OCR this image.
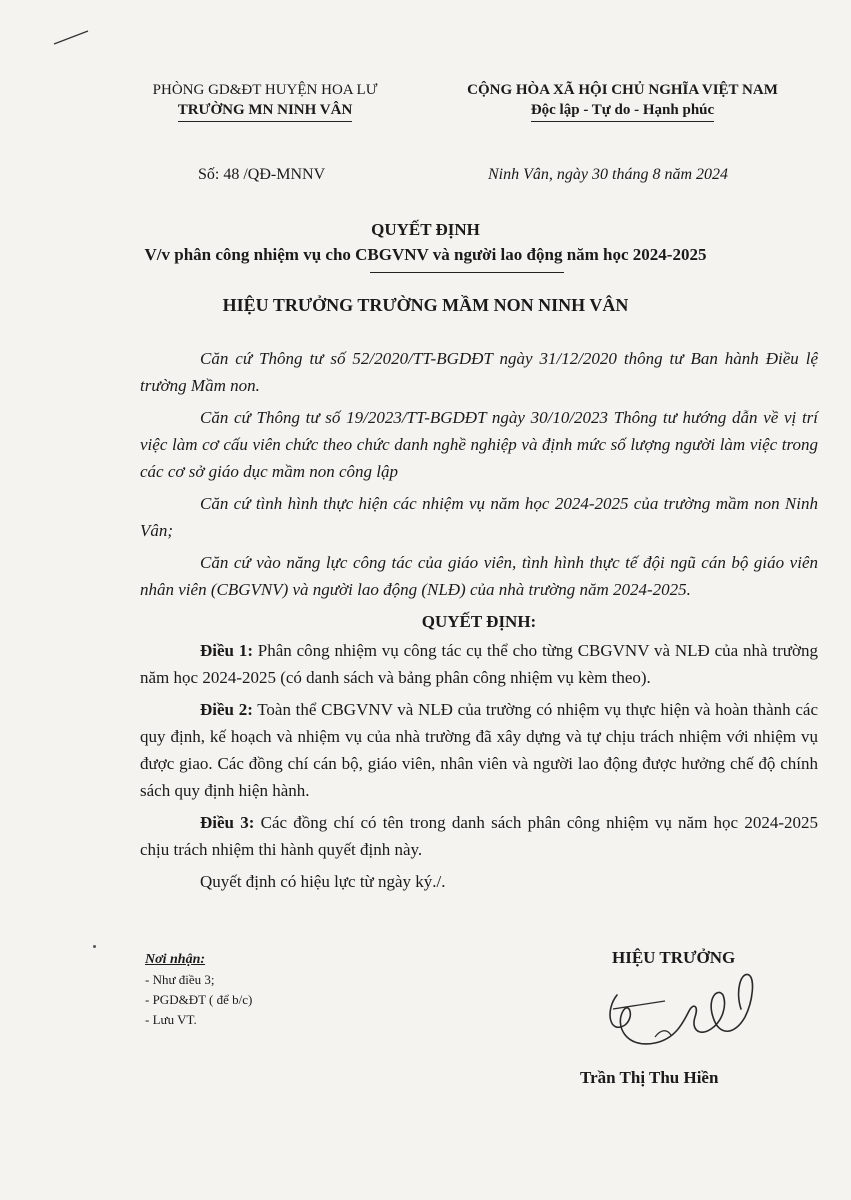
PHÒNG GD&ĐT HUYỆN HOA LƯ
TRƯỜNG MN NINH VÂN
CỘNG HÒA XÃ HỘI CHỦ NGHĨA VIỆT NAM
Độc lập - Tự do - Hạnh phúc
Số: 48 /QĐ-MNNV	Ninh Vân, ngày 30 tháng 8 năm 2024
QUYẾT ĐỊNH
V/v phân công nhiệm vụ cho CBGVNV và người lao động năm học 2024-2025
HIỆU TRƯỞNG TRƯỜNG MẦM NON NINH VÂN

Căn cứ Thông tư số 52/2020/TT-BGDĐT ngày 31/12/2020 thông tư Ban hành Điều lệ trường Mầm non.

Căn cứ Thông tư số 19/2023/TT-BGDĐT ngày 30/10/2023 Thông tư hướng dẫn về vị trí việc làm cơ cấu viên chức theo chức danh nghề nghiệp và định mức số lượng người làm việc trong các cơ sở giáo dục mầm non công lập

Căn cứ tình hình thực hiện các nhiệm vụ năm học 2024-2025 của trường mầm non Ninh Vân;

Căn cứ vào năng lực công tác của giáo viên, tình hình thực tế đội ngũ cán bộ giáo viên nhân viên (CBGVNV) và người lao động (NLĐ) của nhà trường năm 2024-2025.

QUYẾT ĐỊNH:

Điều 1: Phân công nhiệm vụ công tác cụ thể cho từng CBGVNV và NLĐ của nhà trường năm học 2024-2025 (có danh sách và bảng phân công nhiệm vụ kèm theo).

Điều 2: Toàn thể CBGVNV và NLĐ của trường có nhiệm vụ thực hiện và hoàn thành các quy định, kế hoạch và nhiệm vụ của nhà trường đã xây dựng và tự chịu trách nhiệm với nhiệm vụ được giao. Các đồng chí cán bộ, giáo viên, nhân viên và người lao động được hưởng chế độ chính sách quy định hiện hành.

Điều 3: Các đồng chí có tên trong danh sách phân công nhiệm vụ năm học 2024-2025 chịu trách nhiệm thi hành quyết định này.

Quyết định có hiệu lực từ ngày ký./.

Nơi nhận:
- Như điều 3;
- PGD&ĐT ( để b/c)
- Lưu VT.
HIỆU TRƯỞNG
Trần Thị Thu Hiền
